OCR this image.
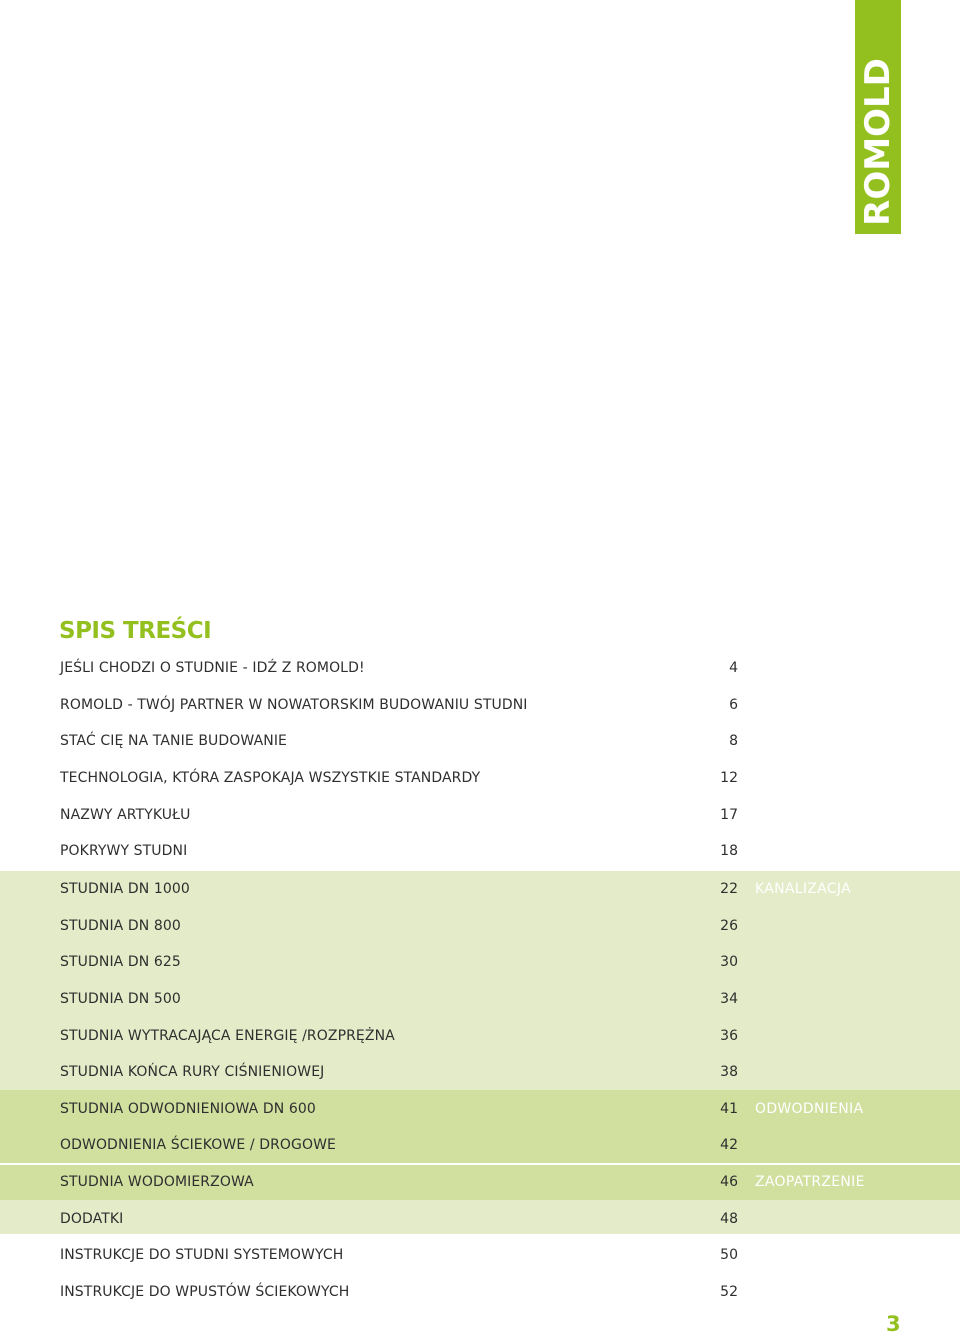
ROMOLD
SPIS TREŚCI
JEŚLI CHODZI O STUDNIE - IDŹ Z ROMOLD!	4
ROMOLD - TWÓJ PARTNER W NOWATORSKIM BUDOWANIU STUDNI	6
STAĆ CIĘ NA TANIE BUDOWANIE	8
TECHNOLOGIA, KTÓRA ZASPOKAJA WSZYSTKIE STANDARDY	12
NAZWY ARTYKUŁU	17
POKRYWY STUDNI	18
STUDNIA DN 1000	22
STUDNIA DN 800	26
STUDNIA DN 625	30
STUDNIA DN 500	34
STUDNIA WYTRACAJĄCA ENERGIĘ /ROZPRĘŻNA	36
STUDNIA KOŃCA RURY CIŚNIENIOWEJ	38
STUDNIA ODWODNIENIOWA DN 600	41
ODWODNIENIA ŚCIEKOWE / DROGOWE	42
STUDNIA WODOMIERZOWA	46
DODATKI	48
INSTRUKCJE DO STUDNI SYSTEMOWYCH	50
INSTRUKCJE DO WPUSTÓW ŚCIEKOWYCH	52
KANALIZACJA
ODWODNIENIA
ZAOPATRZENIE
3
